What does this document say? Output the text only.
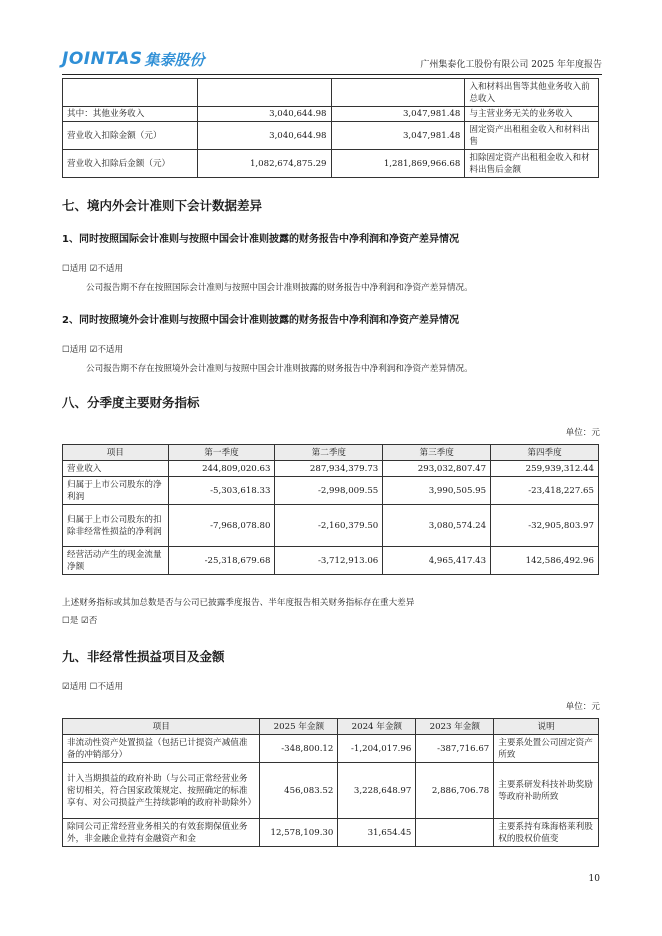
JOINTAS 集泰股份	广州集泰化工股份有限公司 2025 年年度报告
			入和材料出售等其他业务收入前总收入
其中：其他业务收入	3,040,644.98	3,047,981.48	与主营业务无关的业务收入
营业收入扣除金额（元）	3,040,644.98	3,047,981.48	固定资产出租租金收入和材料出售
营业收入扣除后金额（元）	1,082,674,875.29	1,281,869,966.68	扣除固定资产出租租金收入和材料出售后金额
七、境内外会计准则下会计数据差异
1、同时按照国际会计准则与按照中国会计准则披露的财务报告中净利润和净资产差异情况
☐适用 ☑不适用
公司报告期不存在按照国际会计准则与按照中国会计准则披露的财务报告中净利润和净资产差异情况。
2、同时按照境外会计准则与按照中国会计准则披露的财务报告中净利润和净资产差异情况
☐适用 ☑不适用
公司报告期不存在按照境外会计准则与按照中国会计准则披露的财务报告中净利润和净资产差异情况。
八、分季度主要财务指标
单位：元
项目	第一季度	第二季度	第三季度	第四季度
营业收入	244,809,020.63	287,934,379.73	293,032,807.47	259,939,312.44
归属于上市公司股东的净利润	-5,303,618.33	-2,998,009.55	3,990,505.95	-23,418,227.65
归属于上市公司股东的扣除非经常性损益的净利润	-7,968,078.80	-2,160,379.50	3,080,574.24	-32,905,803.97
经营活动产生的现金流量净额	-25,318,679.68	-3,712,913.06	4,965,417.43	142,586,492.96
上述财务指标或其加总数是否与公司已披露季度报告、半年度报告相关财务指标存在重大差异
☐是 ☑否
九、非经常性损益项目及金额
☑适用 ☐不适用
单位：元
项目	2025 年金额	2024 年金额	2023 年金额	说明
非流动性资产处置损益（包括已计提资产减值准备的冲销部分）	-348,800.12	-1,204,017.96	-387,716.67	主要系处置公司固定资产所致
计入当期损益的政府补助（与公司正常经营业务密切相关，符合国家政策规定、按照确定的标准享有、对公司损益产生持续影响的政府补助除外）	456,083.52	3,228,648.97	2,886,706.78	主要系研发科技补助奖励等政府补助所致
除同公司正常经营业务相关的有效套期保值业务外，非金融企业持有金融资产和金	12,578,109.30	31,654.45		主要系持有珠海格莱利股权的股权价值变
10
